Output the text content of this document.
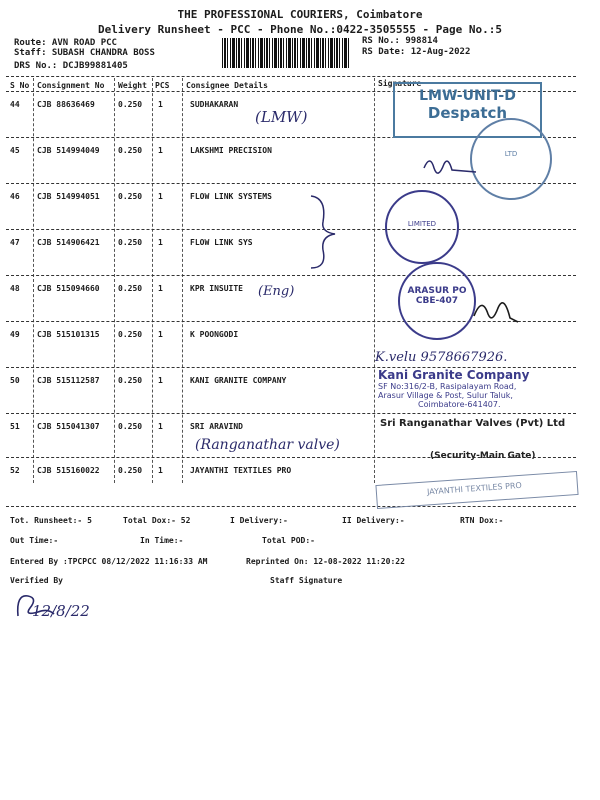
THE PROFESSIONAL COURIERS, Coimbatore
Delivery Runsheet - PCC - Phone No.:0422-3505555 - Page No.:5
Route: AVN ROAD PCC
Staff: SUBASH CHANDRA BOSS
DRS No.: DCJB99881405
RS No.: 998814
RS Date: 12-Aug-2022
S No Consignment No Weight PCS Consignee Details	Signature
44 CJB 88636469	0.250 1	SUDHAKARAN
45 CJB 514994049 0.250 1	LAKSHMI PRECISION
46 CJB 514994051 0.250 1	FLOW LINK SYSTEMS
47 CJB 514906421 0.250 1	FLOW LINK SYS
48 CJB 515094660 0.250 1	KPR INSUITE
49 CJB 515101315 0.250 1	K POONGODI
50 CJB 515112587 0.250 1	KANI GRANITE COMPANY
51 CJB 515041307 0.250 1	SRI ARAVIND
52 CJB 515160022 0.250 1	JAYANTHI TEXTILES PRO
(LMW)
(Eng)
(Ranganathar valve)
K.velu 9578667926.
LMW-UNIT-D
Despatch
LTD
LIMITED
ARASUR PO
CBE-407
Kani Granite Company
SF No:316/2-B, Rasipalayam Road,
Arasur Village & Post, Sulur Taluk,
Coimbatore-641407.
Sri Ranganathar Valves (Pvt) Ltd
(Security-Main Gate)
JAYANTHI TEXTILES PRO
Tot. Runsheet:- 5	Total Dox:- 52	I Delivery:-	II Delivery:-	RTN Dox:-
Out Time:-	In Time:-	Total POD:-
Entered By :TPCPCC 08/12/2022 11:16:33 AM	Reprinted On: 12-08-2022 11:20:22
Verified By	Staff Signature
12/8/22
